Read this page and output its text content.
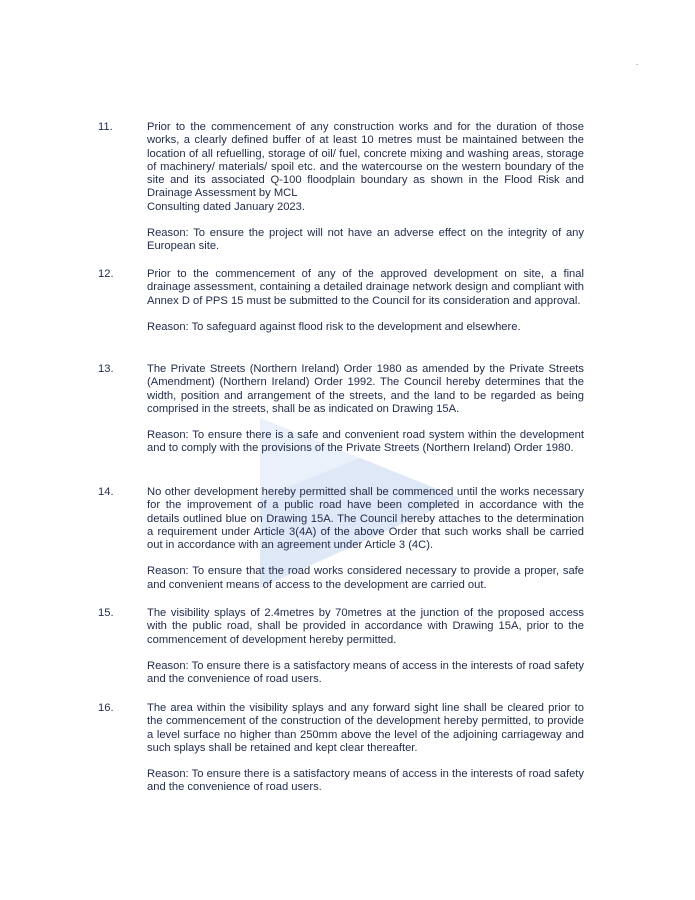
.
11.	Prior to the commencement of any construction works and for the duration of those works, a clearly defined buffer of at least 10 metres must be maintained between the location of all refuelling, storage of oil/ fuel, concrete mixing and washing areas, storage of machinery/ materials/ spoil etc. and the watercourse on the western boundary of the site and its associated Q-100 floodplain boundary as shown in the Flood Risk and Drainage Assessment by MCL
Consulting dated January 2023.
Reason: To ensure the project will not have an adverse effect on the integrity of any European site.
12.	Prior to the commencement of any of the approved development on site, a final drainage assessment, containing a detailed drainage network design and compliant with Annex D of PPS 15 must be submitted to the Council for its consideration and approval.
Reason: To safeguard against flood risk to the development and elsewhere.
13.	The Private Streets (Northern Ireland) Order 1980 as amended by the Private Streets (Amendment) (Northern Ireland) Order 1992. The Council hereby determines that the width, position and arrangement of the streets, and the land to be regarded as being comprised in the streets, shall be as indicated on Drawing 15A.
Reason: To ensure there is a safe and convenient road system within the development and to comply with the provisions of the Private Streets (Northern Ireland) Order 1980.
14.	No other development hereby permitted shall be commenced until the works necessary for the improvement of a public road have been completed in accordance with the details outlined blue on Drawing 15A. The Council hereby attaches to the determination a requirement under Article 3(4A) of the above Order that such works shall be carried out in accordance with an agreement under Article 3 (4C).
Reason: To ensure that the road works considered necessary to provide a proper, safe and convenient means of access to the development are carried out.
15.	The visibility splays of 2.4metres by 70metres at the junction of the proposed access with the public road, shall be provided in accordance with Drawing 15A, prior to the commencement of development hereby permitted.
Reason: To ensure there is a satisfactory means of access in the interests of road safety and the convenience of road users.
16.	The area within the visibility splays and any forward sight line shall be cleared prior to the commencement of the construction of the development hereby permitted, to provide a level surface no higher than 250mm above the level of the adjoining carriageway and such splays shall be retained and kept clear thereafter.
Reason: To ensure there is a satisfactory means of access in the interests of road safety and the convenience of road users.
